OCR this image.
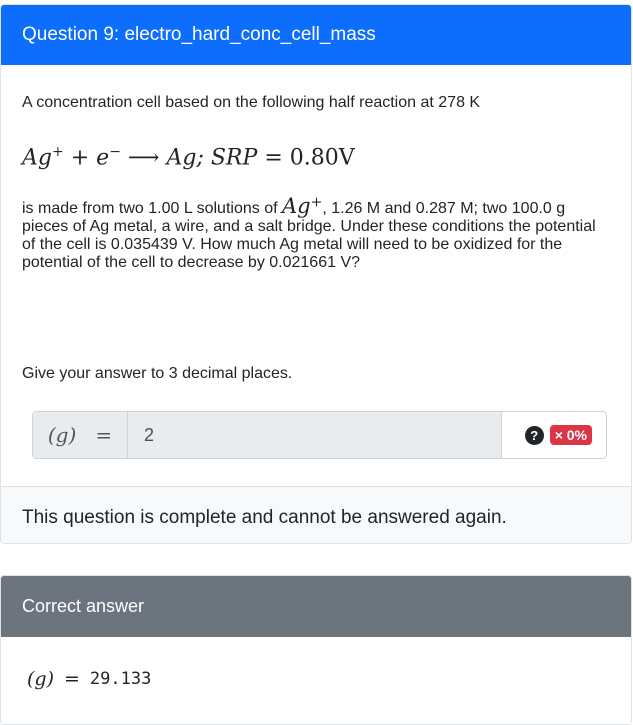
Question 9: electro_hard_conc_cell_mass
A concentration cell based on the following half reaction at 278 K
Ag+ + e− ⟶ Ag; SRP = 0.80V
is made from two 1.00 L solutions of Ag+, 1.26 M and 0.287 M; two 100.0 g pieces of Ag metal, a wire, and a salt bridge. Under these conditions the potential of the cell is 0.035439 V. How much Ag metal will need to be oxidized for the potential of the cell to decrease by 0.021661 V?
Give your answer to 3 decimal places.
(g)
=	2	?	× 0%
This question is complete and cannot be answered again.
Correct answer
(g) = 29.133
